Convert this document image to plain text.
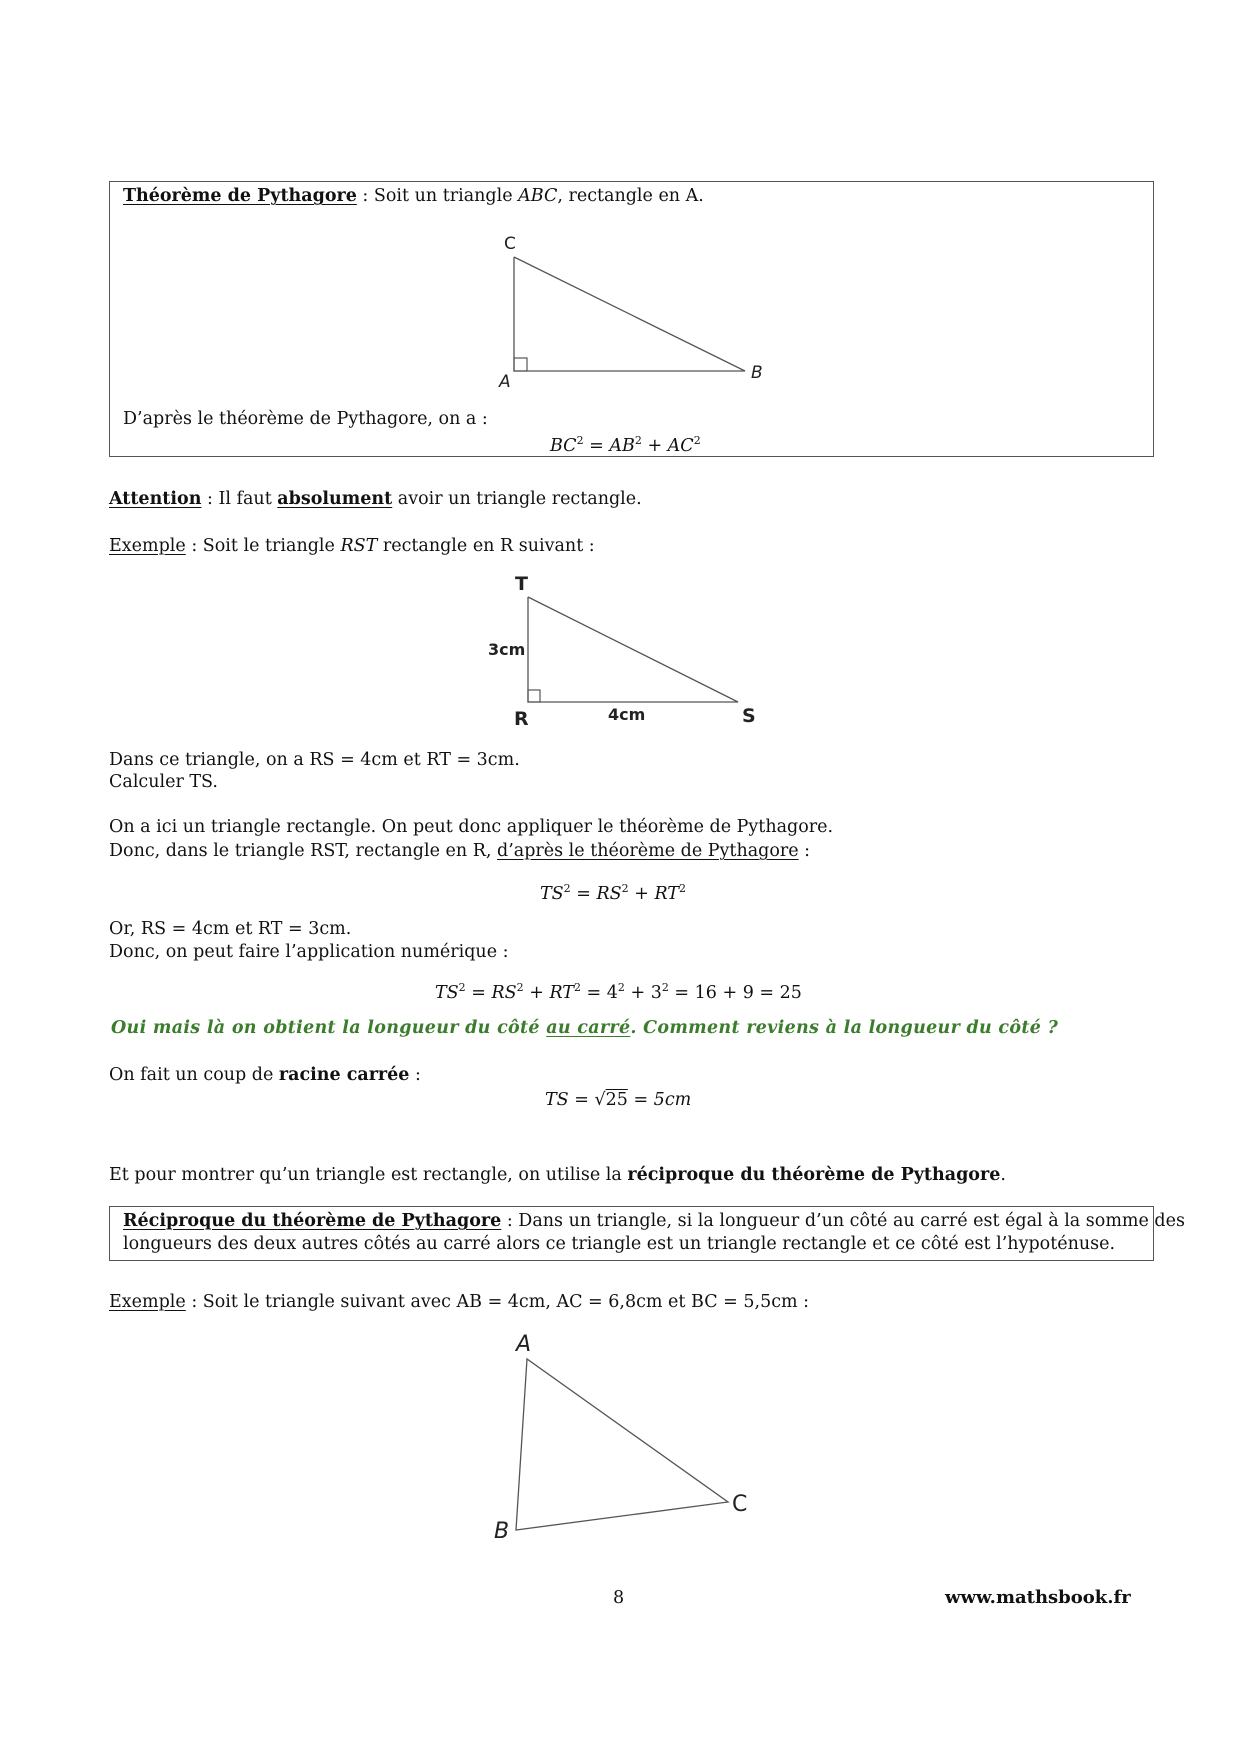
Théorème de Pythagore : Soit un triangle ABC, rectangle en A.
C
A	B
D’après le théorème de Pythagore, on a :
$BC^2 = AB^2 + AC^2$
Attention : Il faut absolument avoir un triangle rectangle.
Exemple : Soit le triangle RST rectangle en R suivant :
T
R	S
3cm
4cm
Dans ce triangle, on a RS = 4cm et RT = 3cm.
Calculer TS.
On a ici un triangle rectangle. On peut donc appliquer le théorème de Pythagore.
Donc, dans le triangle RST, rectangle en R, d’après le théorème de Pythagore :
$TS^2 = RS^2 + RT^2$
Or, RS = 4cm et RT = 3cm.
Donc, on peut faire l’application numérique :
$TS^2 = RS^2 + RT^2 = 4^2 + 3^2 = 16 + 9 = 25$
Oui mais là on obtient la longueur du côté au carré. Comment reviens à la longueur du côté ?
On fait un coup de racine carrée :
TS = √25 = 5cm
Et pour montrer qu’un triangle est rectangle, on utilise la réciproque du théorème de Pythagore.
Réciproque du théorème de Pythagore : Dans un triangle, si la longueur d’un côté au carré est égal à la somme des
longueurs des deux autres côtés au carré alors ce triangle est un triangle rectangle et ce côté est l’hypoténuse.
Exemple : Soit le triangle suivant avec AB = 4cm, AC = 6,8cm et BC = 5,5cm :
A
B
C
8	www.mathsbook.fr
